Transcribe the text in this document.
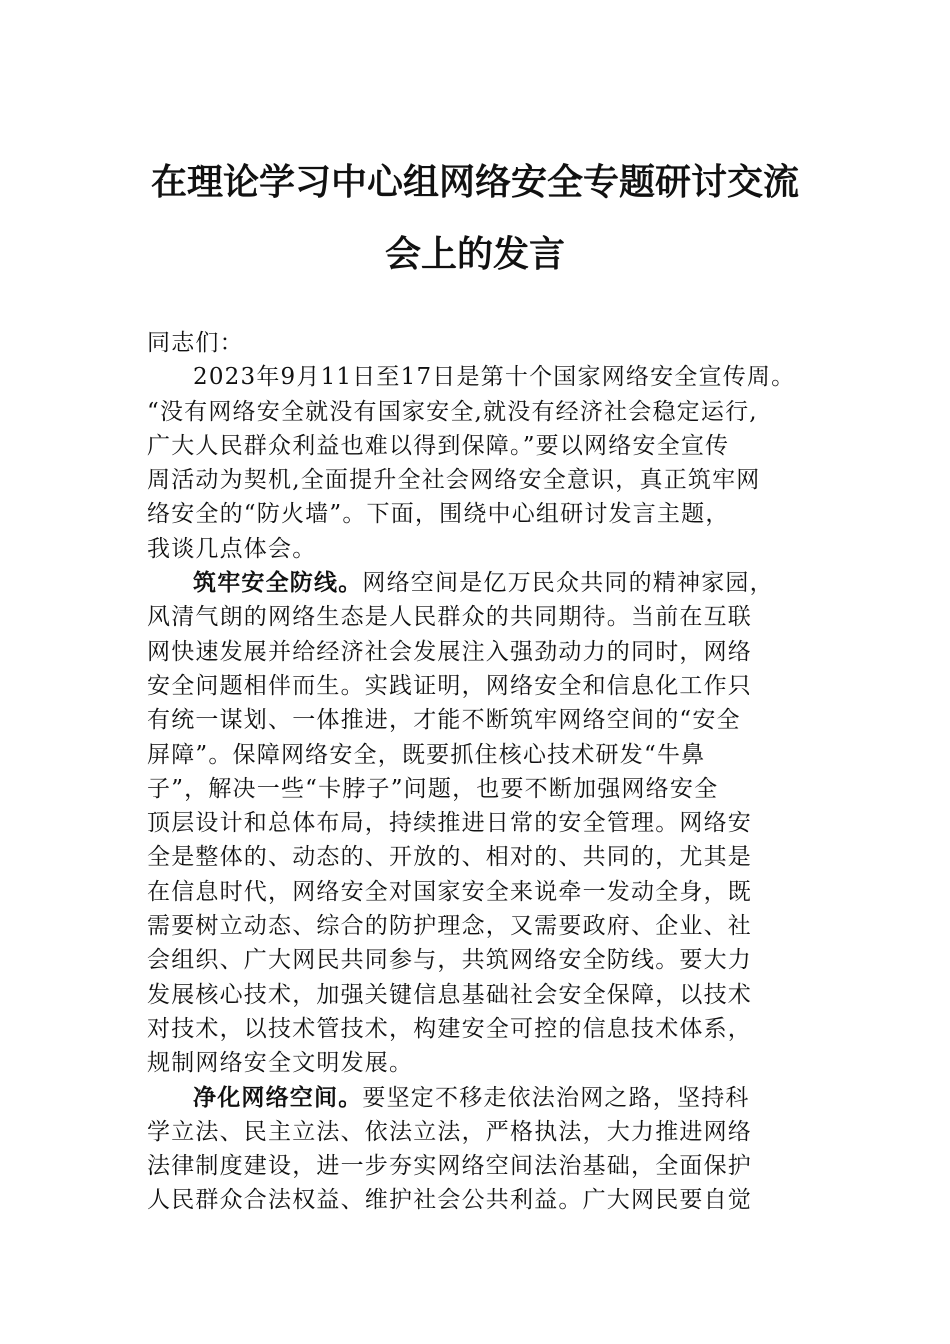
在理论学习中心组网络安全专题研讨交流
会上的发言
同志们：
2023年9月11日至17日是第十个国家网络安全宣传周。
“没有网络安全就没有国家安全,就没有经济社会稳定运行,
广大人民群众利益也难以得到保障。”要以网络安全宣传
周活动为契机,全面提升全社会网络安全意识，真正筑牢网
络安全的“防火墙”。下面，围绕中心组研讨发言主题，
我谈几点体会。
筑牢安全防线。网络空间是亿万民众共同的精神家园，
风清气朗的网络生态是人民群众的共同期待。当前在互联
网快速发展并给经济社会发展注入强劲动力的同时，网络
安全问题相伴而生。实践证明，网络安全和信息化工作只
有统一谋划、一体推进，才能不断筑牢网络空间的“安全
屏障”。保障网络安全，既要抓住核心技术研发“牛鼻
子”，解决一些“卡脖子”问题，也要不断加强网络安全
顶层设计和总体布局，持续推进日常的安全管理。网络安
全是整体的、动态的、开放的、相对的、共同的，尤其是
在信息时代，网络安全对国家安全来说牵一发动全身，既
需要树立动态、综合的防护理念，又需要政府、企业、社
会组织、广大网民共同参与，共筑网络安全防线。要大力
发展核心技术，加强关键信息基础社会安全保障，以技术
对技术，以技术管技术，构建安全可控的信息技术体系，
规制网络安全文明发展。
净化网络空间。要坚定不移走依法治网之路，坚持科
学立法、民主立法、依法立法，严格执法，大力推进网络
法律制度建设，进一步夯实网络空间法治基础，全面保护
人民群众合法权益、维护社会公共利益。广大网民要自觉
